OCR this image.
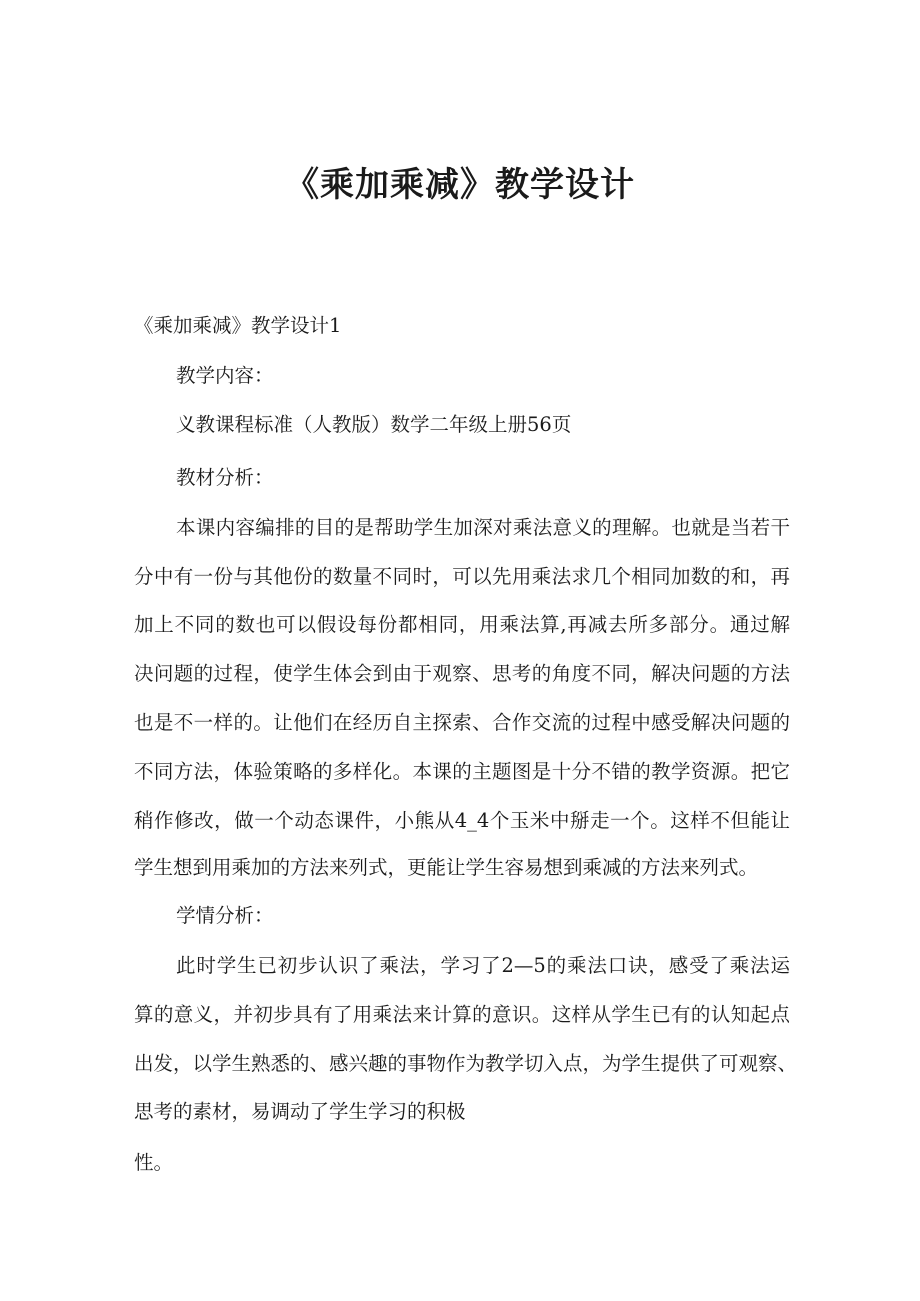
《乘加乘减》教学设计

《乘加乘减》教学设计1

教学内容：

义教课程标准（人教版）数学二年级上册56页

教材分析：

本课内容编排的目的是帮助学生加深对乘法意义的理解。也就是当若干

分中有一份与其他份的数量不同时，可以先用乘法求几个相同加数的和，再

加上不同的数也可以假设每份都相同，用乘法算,再减去所多部分。通过解

决问题的过程，使学生体会到由于观察、思考的角度不同，解决问题的方法

也是不一样的。让他们在经历自主探索、合作交流的过程中感受解决问题的

不同方法，体验策略的多样化。本课的主题图是十分不错的教学资源。把它

稍作修改，做一个动态课件，小熊从4_4个玉米中掰走一个。这样不但能让

学生想到用乘加的方法来列式，更能让学生容易想到乘减的方法来列式。

学情分析：

此时学生已初步认识了乘法，学习了2—5的乘法口诀，感受了乘法运

算的意义，并初步具有了用乘法来计算的意识。这样从学生已有的认知起点

出发，以学生熟悉的、感兴趣的事物作为教学切入点，为学生提供了可观察、

思考的素材，易调动了学生学习的积极

性。
